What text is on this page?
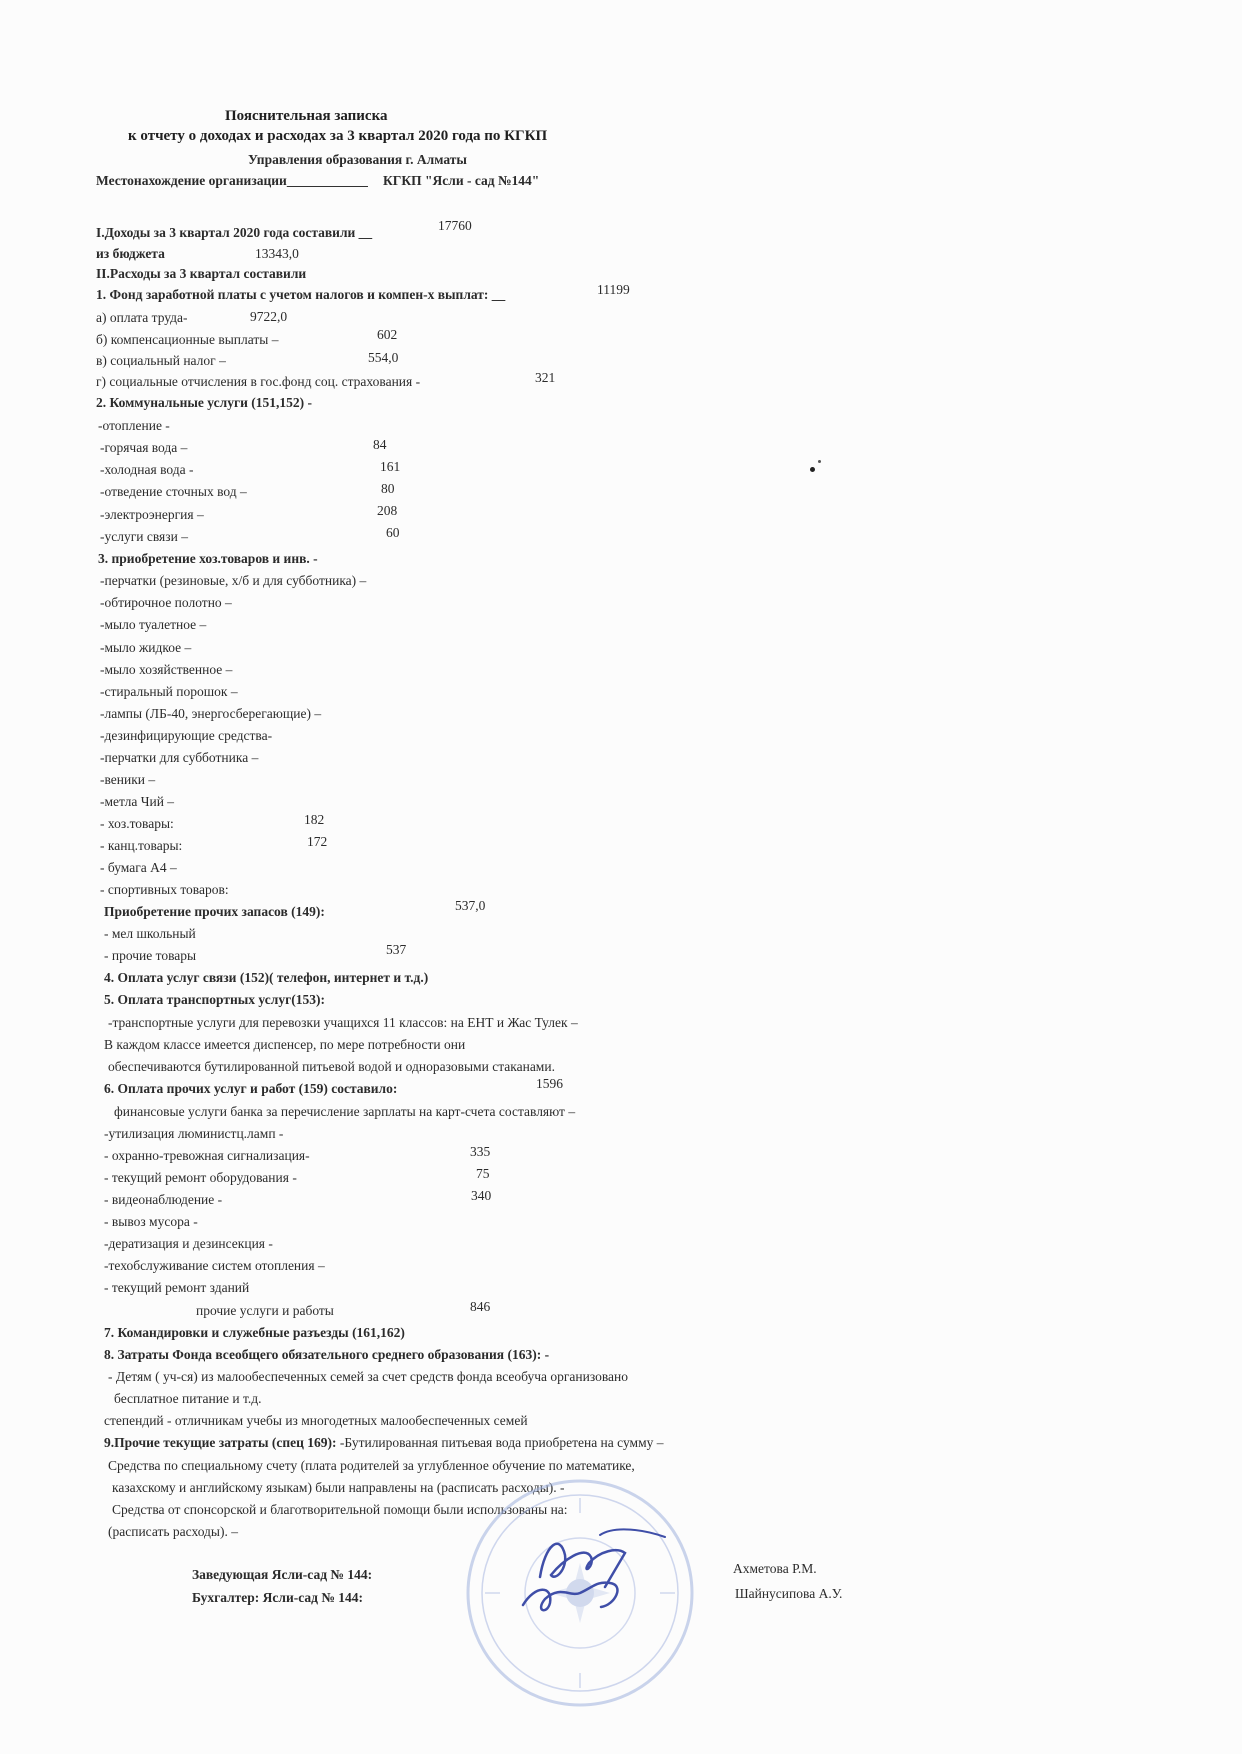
Пояснительная записка
к отчету о доходах и расходах за 3 квартал 2020 года по КГКП
Управления образования г. Алматы
Местонахождение организации____________ КГКП "Ясли - сад №144"
I.Доходы за 3 квартал 2020 года составили __	17760
из бюджета	13343,0
II.Расходы за 3 квартал составили
1. Фонд заработной платы с учетом налогов и компен-х выплат: __	11199
а) оплата труда-	9722,0
б) компенсационные выплаты –	602
в) социальный налог –	554,0
г) социальные отчисления в гос.фонд соц. страхования -	321
2. Коммунальные услуги (151,152) -
-отопление -
-горячая вода –	84
-холодная вода -	161
-отведение сточных вод –	80
-электроэнергия –	208
-услуги связи –	60
3. приобретение хоз.товаров и инв. -
-перчатки (резиновые, х/б и для субботника) –
-обтирочное полотно –
-мыло туалетное –
-мыло жидкое –
-мыло хозяйственное –
-стиральный порошок –
-лампы (ЛБ-40, энергосберегающие) –
-дезинфицирующие средства-
-перчатки для субботника –
-веники –
-метла Чий –
- хоз.товары:	182
- канц.товары:	172
- бумага А4 –
- спортивных товаров:
Приобретение прочих запасов (149):	537,0
- мел школьный
- прочие товары	537
4. Оплата услуг связи (152)( телефон, интернет и т.д.)
5. Оплата транспортных услуг(153):
-транспортные услуги для перевозки учащихся 11 классов: на ЕНТ и Жас Тулек –
В каждом классе имеется диспенсер, по мере потребности они
обеспечиваются бутилированной питьевой водой и одноразовыми стаканами.
6. Оплата прочих услуг и работ (159) составило:	1596
финансовые услуги банка за перечисление зарплаты на карт-счета составляют –
-утилизация люминистц.ламп -
- охранно-тревожная сигнализация-	335
- текущий ремонт оборудования -	75
- видеонаблюдение -	340
- вывоз мусора -
-дератизация и дезинсекция -
-техобслуживание систем отопления –
- текущий ремонт зданий
прочие услуги и работы	846
7. Командировки и служебные разъезды (161,162)
8. Затраты Фонда всеобщего обязательного среднего образования (163): -
- Детям ( уч-ся) из малообеспеченных семей за счет средств фонда всеобуча организовано
бесплатное питание и т.д.
степендий - отличникам учебы из многодетных малообеспеченных семей
9.Прочие текущие затраты (спец 169): -Бутилированная питьевая вода приобретена на сумму –
Средства по специальному счету (плата родителей за углубленное обучение по математике,
казахскому и английскому языкам) были направлены на (расписать расходы). -
Средства от спонсорской и благотворительной помощи были использованы на:
(расписать расходы). –
Заведующая Ясли-сад № 144:	Ахметова Р.М.
Бухгалтер: Ясли-сад № 144:	Шайнусипова А.У.
